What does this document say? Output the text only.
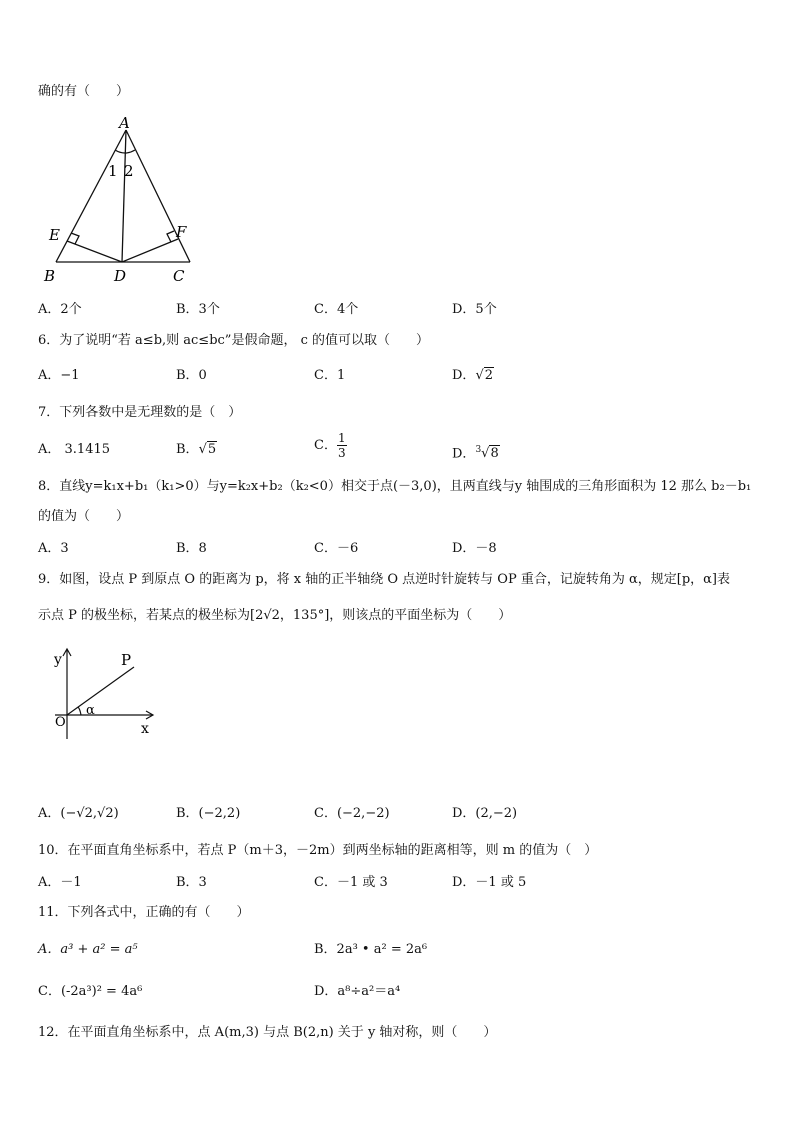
确的有（　　）
A
1 2
E	F
B	D	C
A．2个	B．3个	C．4个	D．5个
6．为了说明“若 a≤b,则 ac≤bc”是假命题， c 的值可以取（　　）
A．−1	B．0	C．1	D．√2
7．下列各数中是无理数的是（　）
A． 3.1415	B．√5	C． $\frac{1}{3}$	D．$^3$√8
8．直线y=k₁x+b₁（k₁>0）与y=k₂x+b₂（k₂<0）相交于点(－3,0)，且两直线与y 轴围成的三角形面积为 12 那么 b₂－b₁
的值为（　　）
A．3	B．8	C．－6	D．－8
9．如图，设点 P 到原点 O 的距离为 p，将 x 轴的正半轴绕 O 点逆时针旋转与 OP 重合，记旋转角为 α，规定[p，α]表
示点 P 的极坐标，若某点的极坐标为[2√2，135°]，则该点的平面坐标为（　　）
y	P
α
O	x
A．(−√2,√2)	B．(−2,2)	C．(−2,−2)	D．(2,−2)
10．在平面直角坐标系中，若点 P（m＋3，－2m）到两坐标轴的距离相等，则 m 的值为（　）
A．－1	B．3	C．－1 或 3	D．－1 或 5
11．下列各式中，正确的有（　　）
A．a³ + a² = a⁵	B．2a³ • a² = 2a⁶
C．(-2a³)² = 4a⁶	D．a⁸÷a²＝a⁴
12．在平面直角坐标系中，点 A(m,3) 与点 B(2,n) 关于 y 轴对称，则（　　）
